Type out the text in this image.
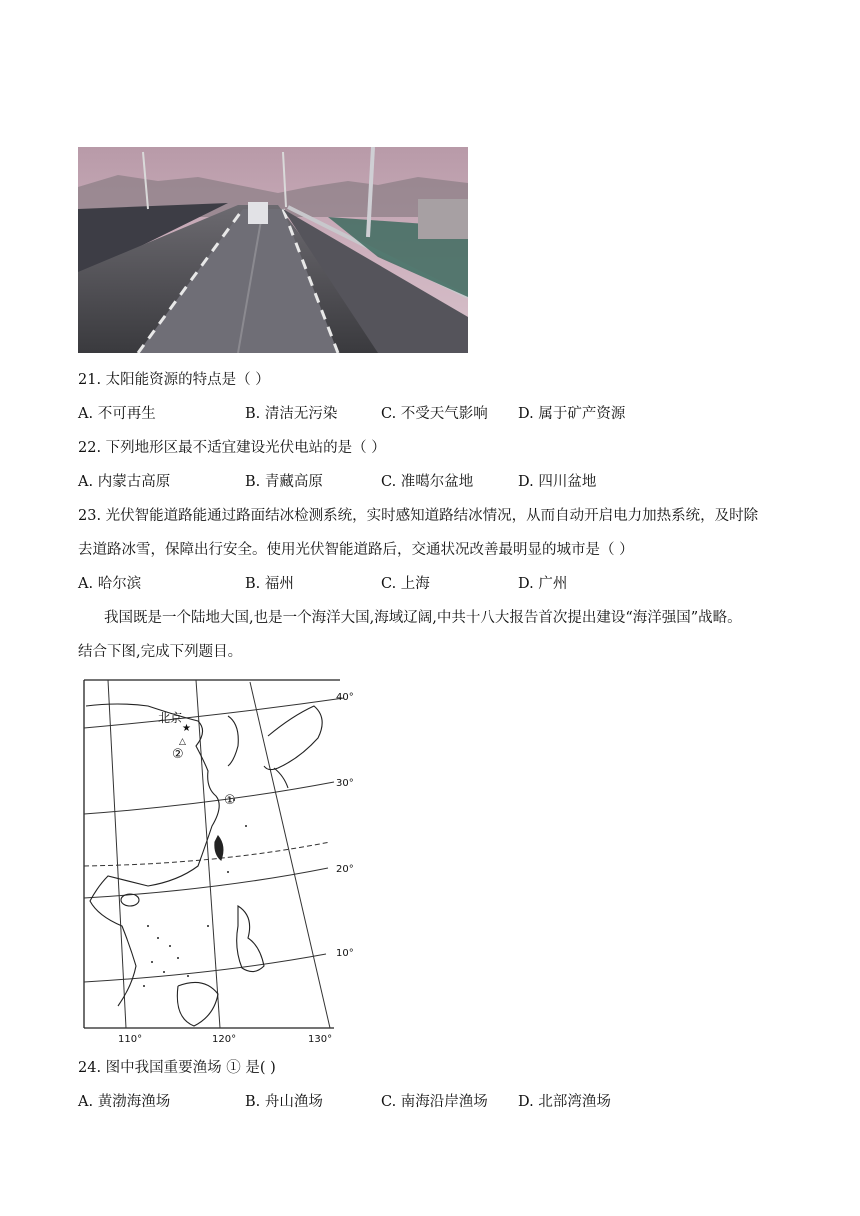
21. 太阳能资源的特点是（ ）
A. 不可再生	B. 清洁无污染	C. 不受天气影响 D. 属于矿产资源
22. 下列地形区最不适宜建设光伏电站的是（ ）
A. 内蒙古高原	B. 青藏高原	C. 准噶尔盆地	D. 四川盆地
23. 光伏智能道路能通过路面结冰检测系统，实时感知道路结冰情况，从而自动开启电力加热系统，及时除
去道路冰雪，保障出行安全。使用光伏智能道路后，交通状况改善最明显的城市是（ ）
A. 哈尔滨	B. 福州	C. 上海	D. 广州
我国既是一个陆地大国,也是一个海洋大国,海域辽阔,中共十八大报告首次提出建设“海洋强国”战略。
结合下图,完成下列题目。
★
北京
△
②
①
40°
30°
20°
10°
110°	120°	130°
24. 图中我国重要渔场 ① 是( )
A. 黄渤海渔场	B. 舟山渔场	C. 南海沿岸渔场 D. 北部湾渔场
